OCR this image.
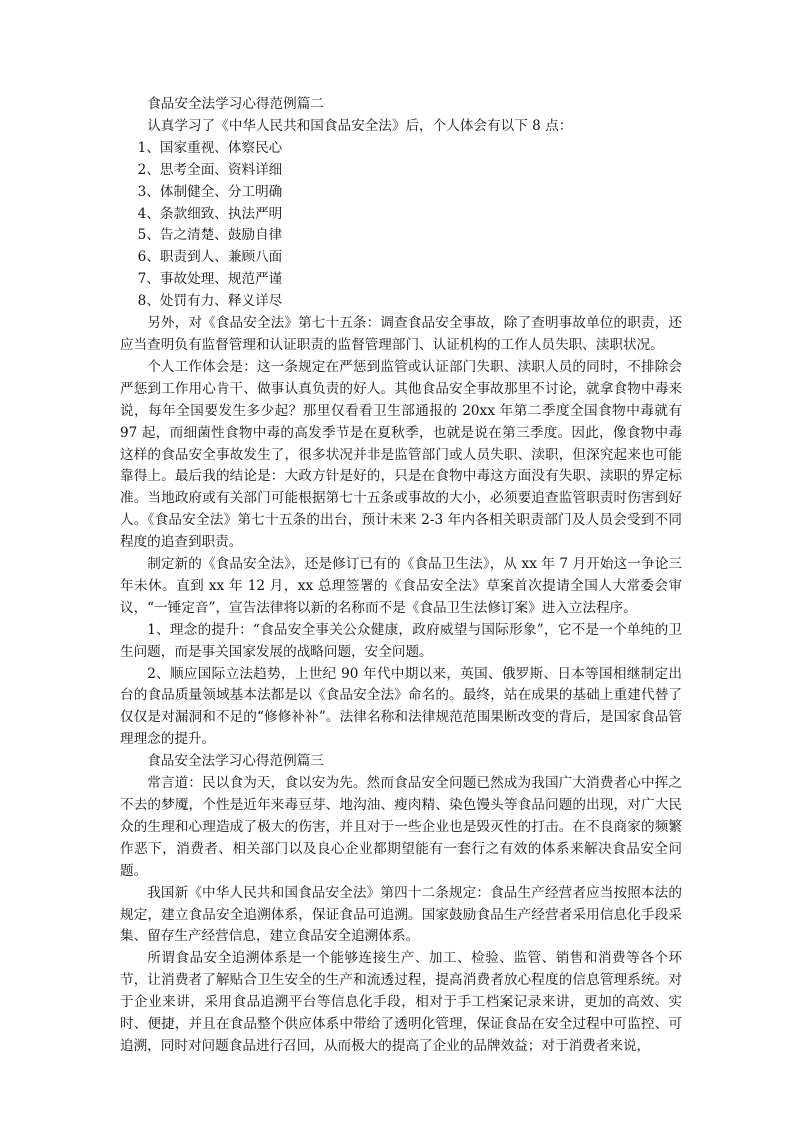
食品安全法学习心得范例篇二

认真学习了《中华人民共和国食品安全法》后，个人体会有以下 8 点：

1、国家重视、体察民心

2、思考全面、资料详细

3、体制健全、分工明确

4、条款细致、执法严明

5、告之清楚、鼓励自律

6、职责到人、兼顾八面

7、事故处理、规范严谨

8、处罚有力、释义详尽

另外，对《食品安全法》第七十五条：调查食品安全事故，除了查明事故单位的职责，还应当查明负有监督管理和认证职责的监督管理部门、认证机构的工作人员失职、渎职状况。

个人工作体会是：这一条规定在严惩到监管或认证部门失职、渎职人员的同时，不排除会严惩到工作用心肯干、做事认真负责的好人。其他食品安全事故那里不讨论，就拿食物中毒来说，每年全国要发生多少起？那里仅看看卫生部通报的 20xx 年第二季度全国食物中毒就有 97 起，而细菌性食物中毒的高发季节是在夏秋季，也就是说在第三季度。因此，像食物中毒这样的食品安全事故发生了，很多状况并非是监管部门或人员失职、渎职，但深究起来也可能靠得上。最后我的结论是：大政方针是好的，只是在食物中毒这方面没有失职、渎职的界定标准。当地政府或有关部门可能根据第七十五条或事故的大小，必须要追查监管职责时伤害到好人。《食品安全法》第七十五条的出台，预计未来 2-3 年内各相关职责部门及人员会受到不同程度的追查到职责。

制定新的《食品安全法》，还是修订已有的《食品卫生法》，从 xx 年 7 月开始这一争论三年未休。直到 xx 年 12 月，xx 总理签署的《食品安全法》草案首次提请全国人大常委会审议，“一锤定音”，宣告法律将以新的名称而不是《食品卫生法修订案》进入立法程序。

1、理念的提升：“食品安全事关公众健康，政府威望与国际形象”，它不是一个单纯的卫生问题，而是事关国家发展的战略问题，安全问题。

2、顺应国际立法趋势，上世纪 90 年代中期以来，英国、俄罗斯、日本等国相继制定出台的食品质量领域基本法都是以《食品安全法》命名的。最终，站在成果的基础上重建代替了仅仅是对漏洞和不足的“修修补补”。法律名称和法律规范范围果断改变的背后，是国家食品管理理念的提升。

食品安全法学习心得范例篇三

常言道：民以食为天，食以安为先。然而食品安全问题已然成为我国广大消费者心中挥之不去的梦魇，个性是近年来毒豆芽、地沟油、瘦肉精、染色馒头等食品问题的出现，对广大民众的生理和心理造成了极大的伤害，并且对于一些企业也是毁灭性的打击。在不良商家的频繁作恶下，消费者、相关部门以及良心企业都期望能有一套行之有效的体系来解决食品安全问题。

我国新《中华人民共和国食品安全法》第四十二条规定：食品生产经营者应当按照本法的规定，建立食品安全追溯体系，保证食品可追溯。国家鼓励食品生产经营者采用信息化手段采集、留存生产经营信息，建立食品安全追溯体系。

所谓食品安全追溯体系是一个能够连接生产、加工、检验、监管、销售和消费等各个环节，让消费者了解贴合卫生安全的生产和流透过程，提高消费者放心程度的信息管理系统。对于企业来讲，采用食品追溯平台等信息化手段，相对于手工档案记录来讲，更加的高效、实时、便捷，并且在食品整个供应体系中带给了透明化管理，保证食品在安全过程中可监控、可追溯，同时对问题食品进行召回，从而极大的提高了企业的品牌效益；对于消费者来说，
